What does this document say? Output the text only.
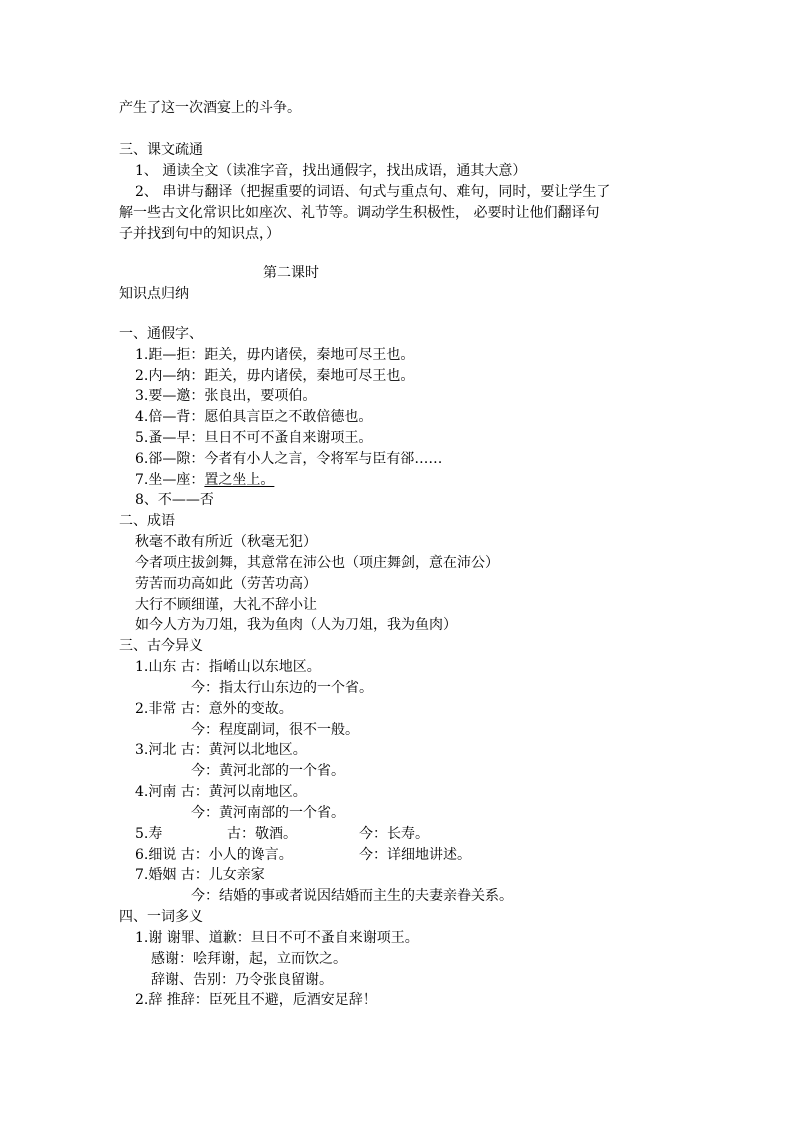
产生了这一次酒宴上的斗争。
三、课文疏通
1、 通读全文（读准字音，找出通假字，找出成语，通其大意）
2、 串讲与翻译（把握重要的词语、句式与重点句、难句，同时，要让学生了
解一些古文化常识比如座次、礼节等。调动学生积极性， 必要时让他们翻译句
子并找到句中的知识点，）
第二课时
知识点归纳
一、通假字、
1.距—拒：距关，毋内诸侯，秦地可尽王也。
2.内—纳：距关，毋内诸侯，秦地可尽王也。
3.要—邀：张良出，要项伯。
4.倍—背：愿伯具言臣之不敢倍德也。
5.蚤—早：旦日不可不蚤自来谢项王。
6.郤—隙：今者有小人之言，令将军与臣有郤……
7.坐—座：置之坐上。
8、不——否
二、成语
秋毫不敢有所近（秋毫无犯）
今者项庄拔剑舞，其意常在沛公也（项庄舞剑，意在沛公）
劳苦而功高如此（劳苦功高）
大行不顾细谨，大礼不辞小让
如今人方为刀俎，我为鱼肉（人为刀俎，我为鱼肉）
三、古今异义
1.山东 古：指崤山以东地区。
今：指太行山东边的一个省。
2.非常 古：意外的变故。
今：程度副词，很不一般。
3.河北 古：黄河以北地区。
今：黄河北部的一个省。
4.河南 古：黄河以南地区。
今：黄河南部的一个省。
5.寿	古：敬酒。	今：长寿。
6.细说 古：小人的谗言。	今：详细地讲述。
7.婚姻 古：儿女亲家
今：结婚的事或者说因结婚而主生的夫妻亲眷关系。
四、一词多义
1.谢 谢罪、道歉：旦日不可不蚤自来谢项王。
感谢：哙拜谢，起，立而饮之。
辞谢、告别：乃令张良留谢。
2.辞 推辞：臣死且不避，卮酒安足辞！
